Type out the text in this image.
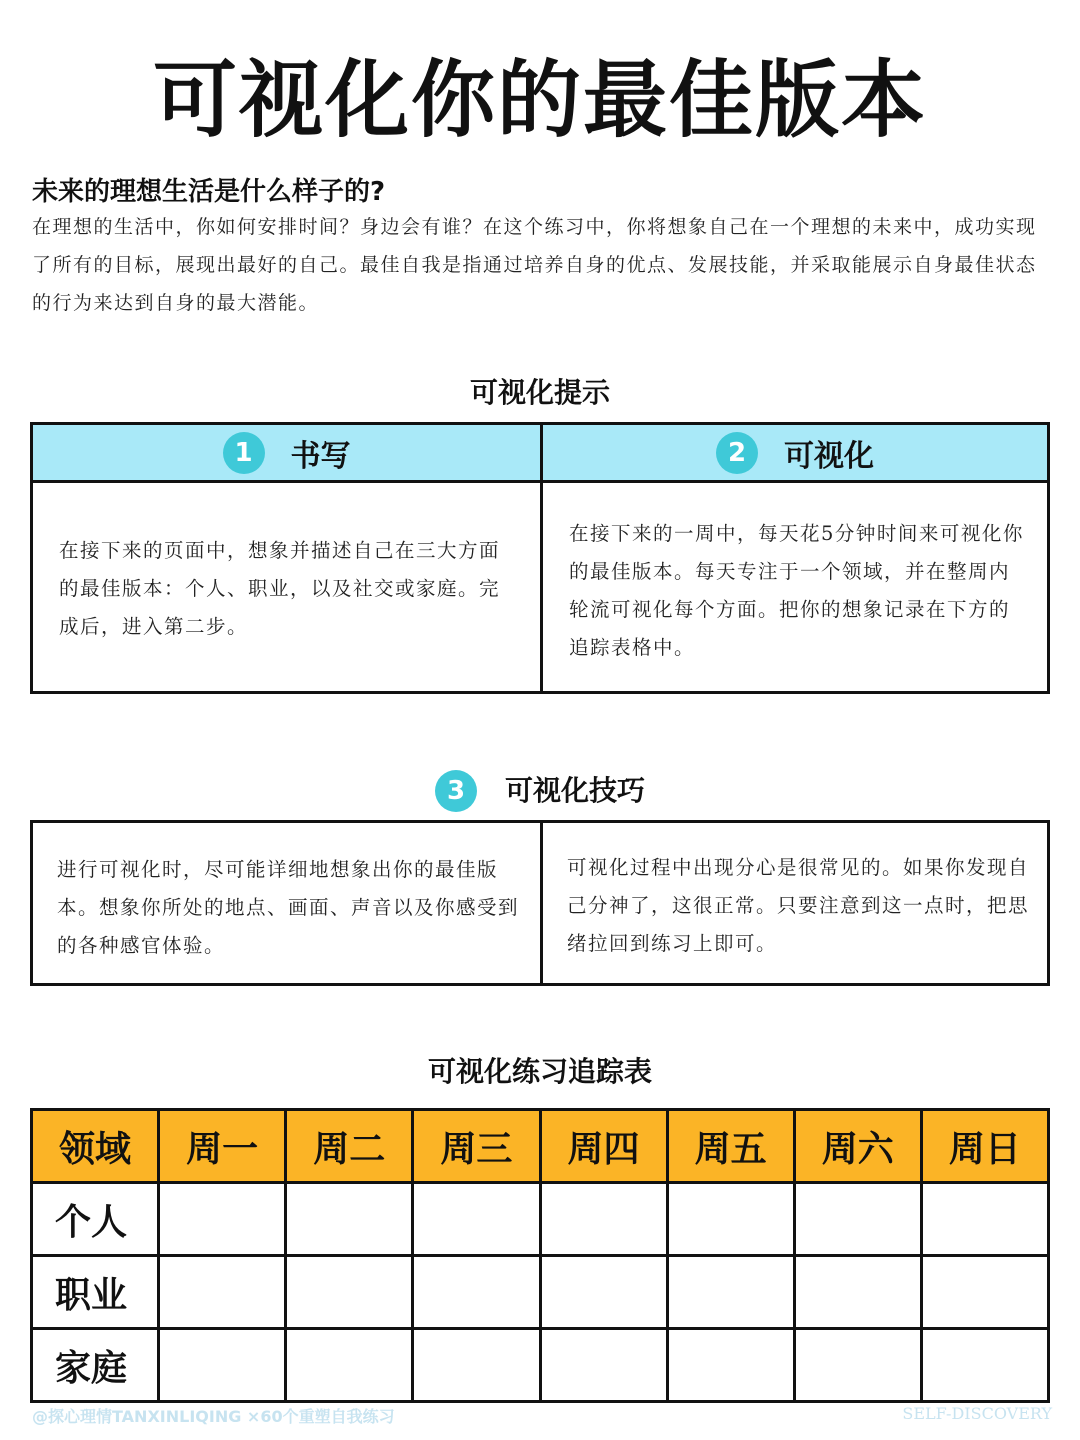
可视化你的最佳版本
未来的理想生活是什么样子的?
在理想的生活中，你如何安排时间？身边会有谁？在这个练习中，你将想象自己在一个理想的未来中，成功实现了所有的目标，展现出最好的自己。最佳自我是指通过培养自身的优点、发展技能，并采取能展示自身最佳状态的行为来达到自身的最大潜能。
可视化提示
1	书写	2	可视化
在接下来的页面中，想象并描述自己在三大方面的最佳版本：个人、职业，以及社交或家庭。完成后，进入第二步。
在接下来的一周中，每天花5分钟时间来可视化你的最佳版本。每天专注于一个领域，并在整周内轮流可视化每个方面。把你的想象记录在下方的追踪表格中。
3	可视化技巧
进行可视化时，尽可能详细地想象出你的最佳版本。想象你所处的地点、画面、声音以及你感受到的各种感官体验。
可视化过程中出现分心是很常见的。如果你发现自己分神了，这很正常。只要注意到这一点时，把思绪拉回到练习上即可。
可视化练习追踪表
领域	周一	周二	周三	周四	周五	周六	周日
个人							
职业							
家庭							
@探心理情TANXINLIQING ×60个重塑自我练习	SELF-DISCOVERY
